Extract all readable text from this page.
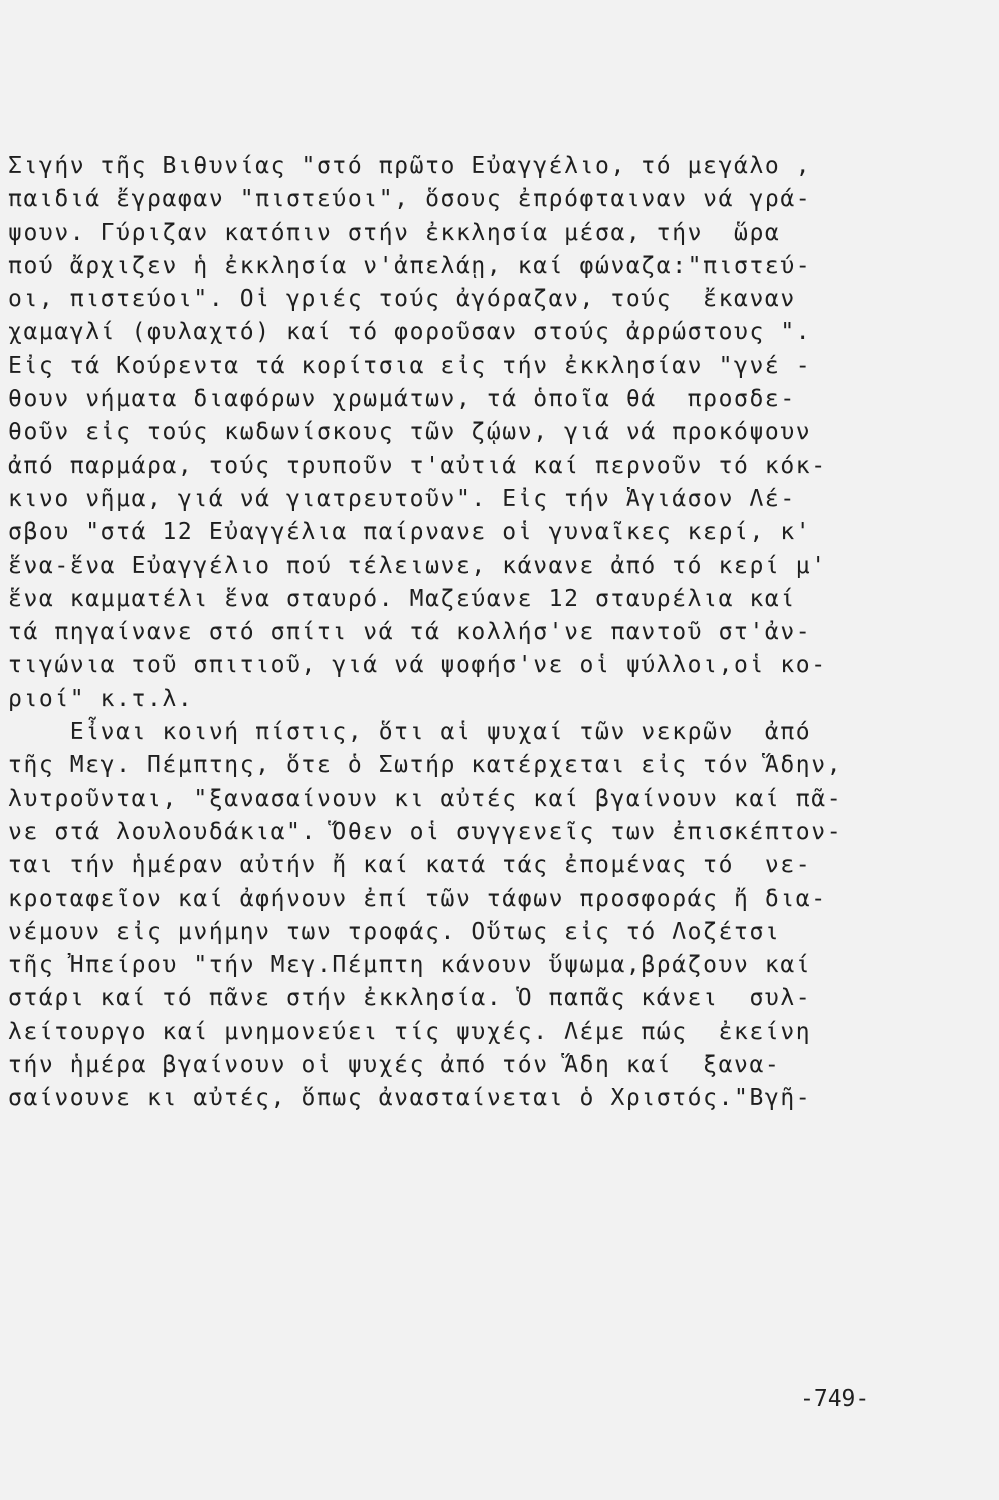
Σιγήν τῆς Βιθυνίας "στό πρῶτο Εὐαγγέλιο, τό μεγάλο ,
παιδιά ἔγραφαν "πιστεύοι", ὅσους ἐπρόφταιναν νά γρά-
ψουν. Γύριζαν κατόπιν στήν ἐκκλησία μέσα, τήν  ὥρα
πού ἄρχιζεν ἡ ἐκκλησία ν'ἀπελάῃ, καί φώναζα:"πιστεύ-
οι, πιστεύοι". Οἱ γριές τούς ἀγόραζαν, τούς  ἔκαναν
χαμαγλί (φυλαχτό) καί τό φοροῦσαν στούς ἀρρώστους ".
Εἰς τά Κούρεντα τά κορίτσια εἰς τήν ἐκκλησίαν "γνέ -
θουν νήματα διαφόρων χρωμάτων, τά ὁποῖα θά  προσδε-
θοῦν εἰς τούς κωδωνίσκους τῶν ζῴων, γιά νά προκόψουν
ἀπό παρμάρα, τούς τρυποῦν τ'αὐτιά καί περνοῦν τό κόκ-
κινο νῆμα, γιά νά γιατρευτοῦν". Εἰς τήν Ἁγιάσον Λέ-
σβου "στά 12 Εὐαγγέλια παίρνανε οἱ γυναῖκες κερί, κ'
ἕνα-ἕνα Εὐαγγέλιο πού τέλειωνε, κάνανε ἀπό τό κερί μ'
ἕνα καμματέλι ἕνα σταυρό. Μαζεύανε 12 σταυρέλια καί
τά πηγαίνανε στό σπίτι νά τά κολλήσ'νε παντοῦ στ'ἀν-
τιγώνια τοῦ σπιτιοῦ, γιά νά ψοφήσ'νε οἱ ψύλλοι,οἱ κο-
ριοί" κ.τ.λ.
Εἶναι κοινή πίστις, ὅτι αἱ ψυχαί τῶν νεκρῶν  ἀπό
τῆς Μεγ. Πέμπτης, ὅτε ὁ Σωτήρ κατέρχεται εἰς τόν Ἅδην,
λυτροῦνται, "ξανασαίνουν κι αὐτές καί βγαίνουν καί πᾶ-
νε στά λουλουδάκια". Ὅθεν οἱ συγγενεῖς των ἐπισκέπτον-
ται τήν ἡμέραν αὐτήν ἤ καί κατά τάς ἐπομένας τό  νε-
κροταφεῖον καί ἀφήνουν ἐπί τῶν τάφων προσφοράς ἤ δια-
νέμουν εἰς μνήμην των τροφάς. Οὕτως εἰς τό Λοζέτσι
τῆς Ἠπείρου "τήν Μεγ.Πέμπτη κάνουν ὕψωμα,βράζουν καί
στάρι καί τό πᾶνε στήν ἐκκλησία. Ὁ παπᾶς κάνει  συλ-
λείτουργο καί μνημονεύει τίς ψυχές. Λέμε πώς  ἐκείνη
τήν ἡμέρα βγαίνουν οἱ ψυχές ἀπό τόν Ἅδη καί  ξανα-
σαίνουνε κι αὐτές, ὅπως ἀνασταίνεται ὁ Χριστός."Βγῆ-
-749-
